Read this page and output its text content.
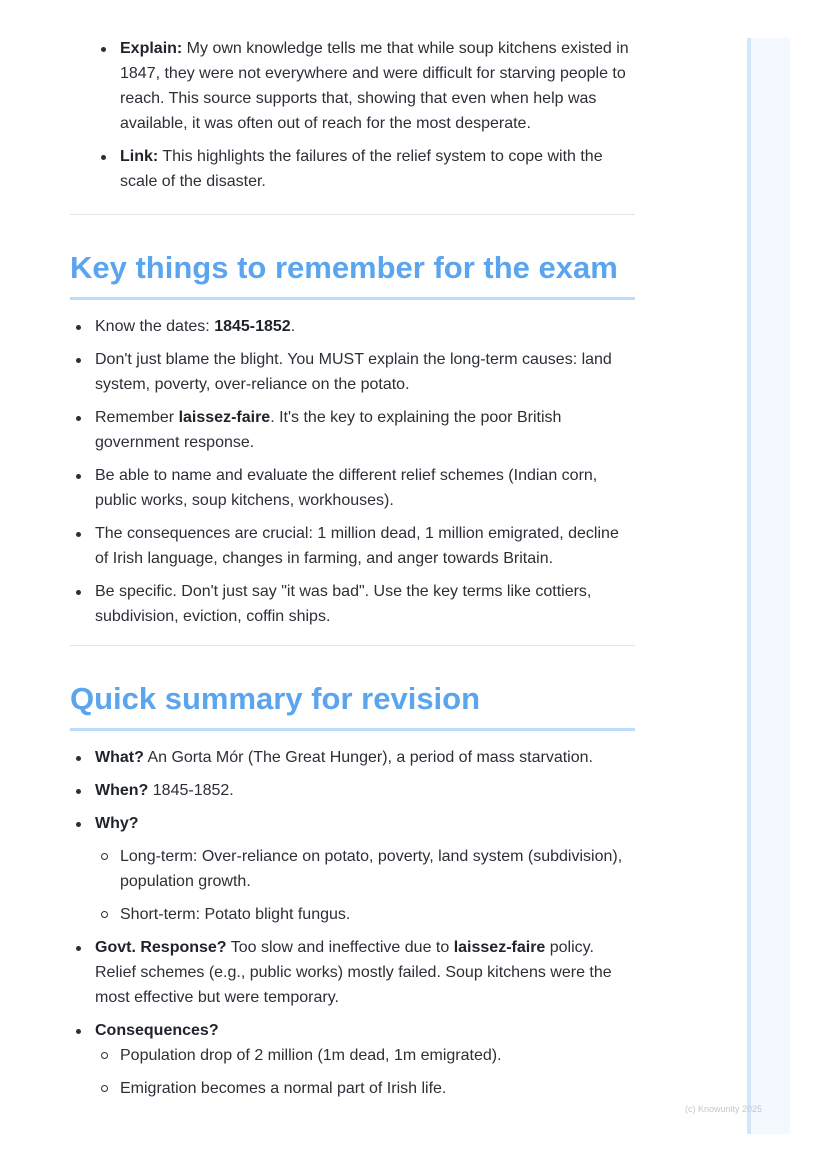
Explain: My own knowledge tells me that while soup kitchens existed in 1847, they were not everywhere and were difficult for starving people to reach. This source supports that, showing that even when help was available, it was often out of reach for the most desperate.
Link: This highlights the failures of the relief system to cope with the scale of the disaster.
Key things to remember for the exam
Know the dates: 1845-1852.
Don't just blame the blight. You MUST explain the long-term causes: land system, poverty, over-reliance on the potato.
Remember laissez-faire. It's the key to explaining the poor British government response.
Be able to name and evaluate the different relief schemes (Indian corn, public works, soup kitchens, workhouses).
The consequences are crucial: 1 million dead, 1 million emigrated, decline of Irish language, changes in farming, and anger towards Britain.
Be specific. Don't just say "it was bad". Use the key terms like cottiers, subdivision, eviction, coffin ships.
Quick summary for revision
What? An Gorta Mór (The Great Hunger), a period of mass starvation.
When? 1845-1852.
Why?
Long-term: Over-reliance on potato, poverty, land system (subdivision), population growth.
Short-term: Potato blight fungus.
Govt. Response? Too slow and ineffective due to laissez-faire policy. Relief schemes (e.g., public works) mostly failed. Soup kitchens were the most effective but were temporary.
Consequences?
Population drop of 2 million (1m dead, 1m emigrated).
Emigration becomes a normal part of Irish life.
(c) Knowunity 2025
